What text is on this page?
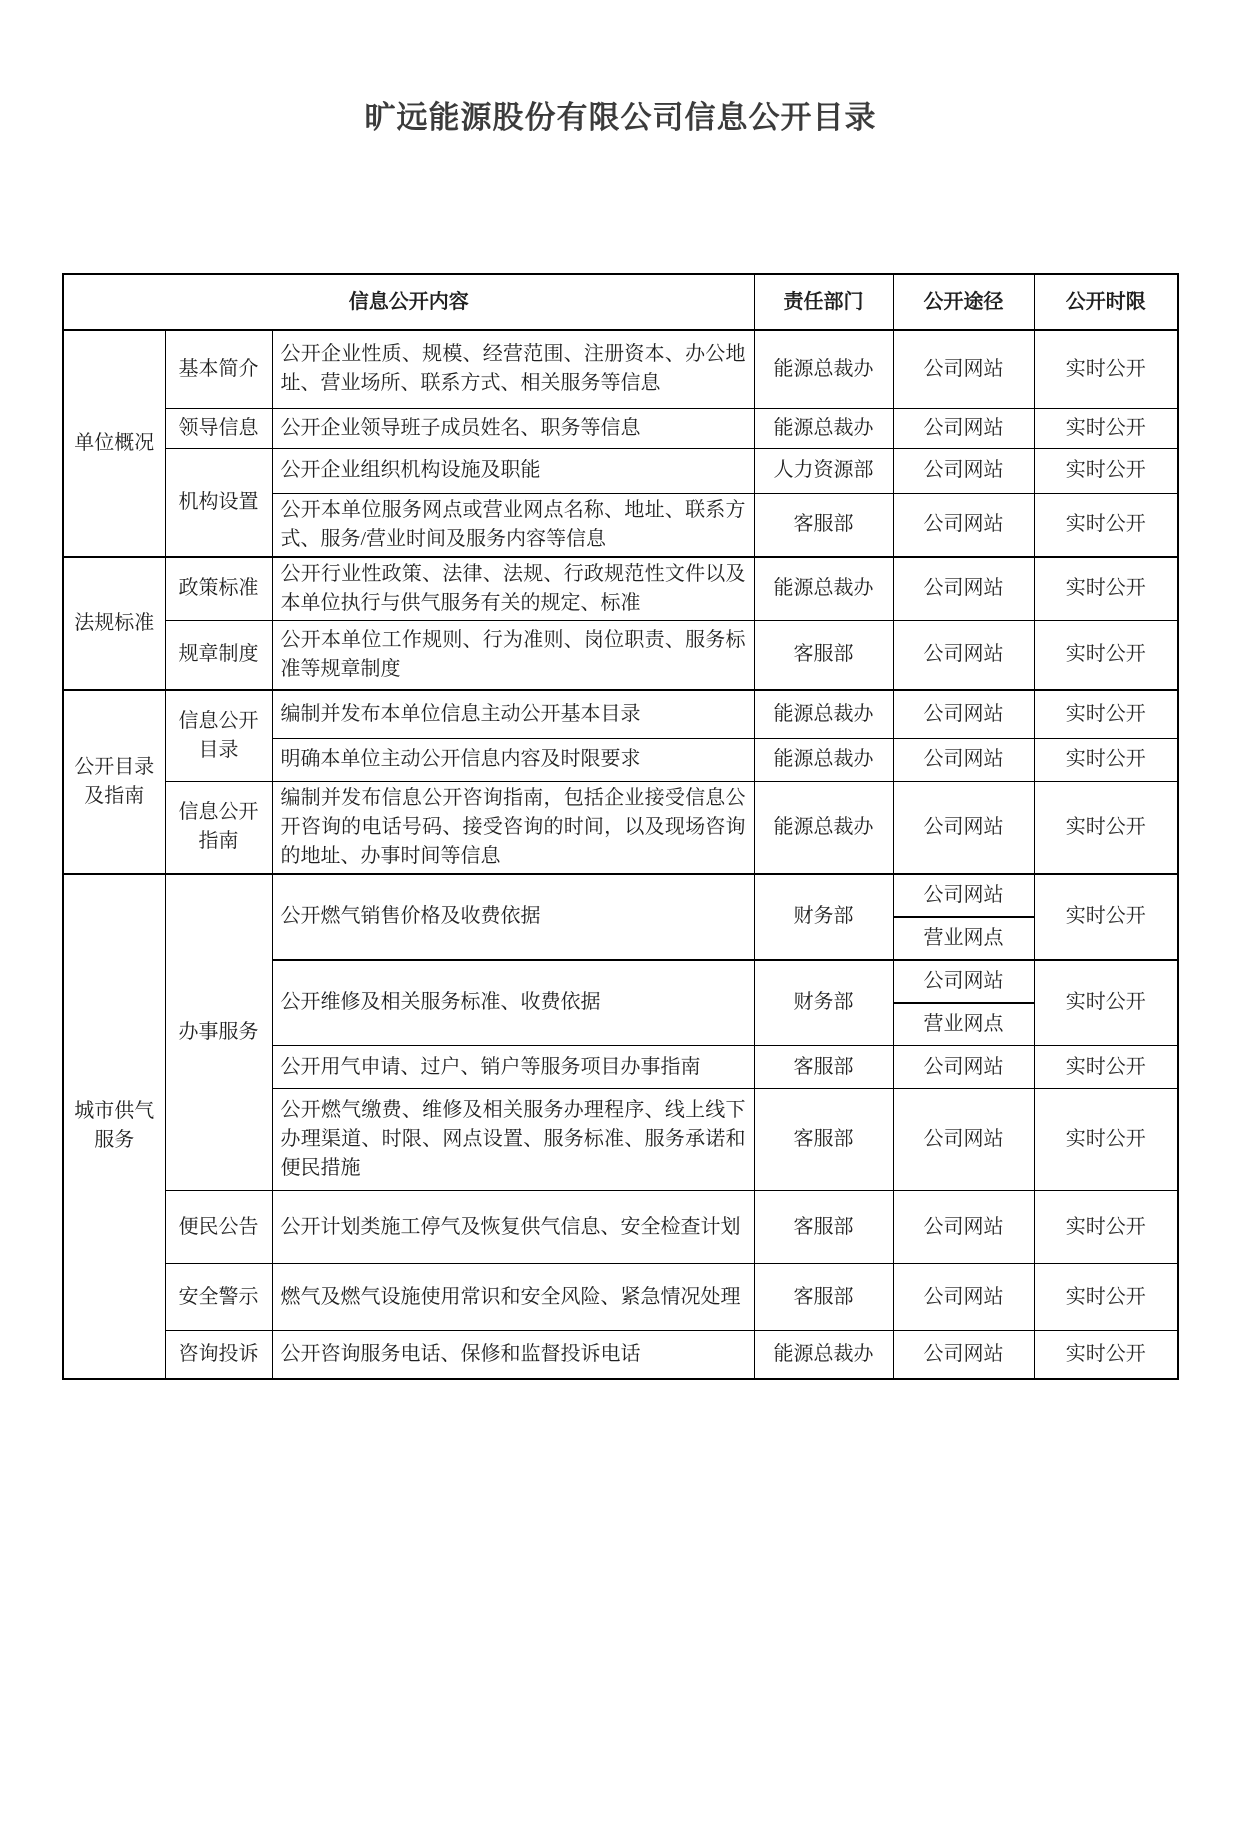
旷远能源股份有限公司信息公开目录
信息公开内容			责任部门	公开途径	公开时限
单位概况	基本简介	公开企业性质、规模、经营范围、注册资本、办公地址、营业场所、联系方式、相关服务等信息	能源总裁办	公司网站	实时公开
	领导信息	公开企业领导班子成员姓名、职务等信息	能源总裁办	公司网站	实时公开
	机构设置	公开企业组织机构设施及职能	人力资源部	公司网站	实时公开
		公开本单位服务网点或营业网点名称、地址、联系方式、服务/营业时间及服务内容等信息	客服部	公司网站	实时公开
法规标准	政策标准	公开行业性政策、法律、法规、行政规范性文件以及本单位执行与供气服务有关的规定、标准	能源总裁办	公司网站	实时公开
	规章制度	公开本单位工作规则、行为准则、岗位职责、服务标准等规章制度	客服部	公司网站	实时公开
公开目录及指南	信息公开目录	编制并发布本单位信息主动公开基本目录	能源总裁办	公司网站	实时公开
		明确本单位主动公开信息内容及时限要求	能源总裁办	公司网站	实时公开
	信息公开指南	编制并发布信息公开咨询指南，包括企业接受信息公开咨询的电话号码、接受咨询的时间，以及现场咨询的地址、办事时间等信息	能源总裁办	公司网站	实时公开
城市供气服务	办事服务	公开燃气销售价格及收费依据	财务部	公司网站	实时公开
				营业网点	
		公开维修及相关服务标准、收费依据	财务部	公司网站	实时公开
				营业网点	
		公开用气申请、过户、销户等服务项目办事指南	客服部	公司网站	实时公开
		公开燃气缴费、维修及相关服务办理程序、线上线下办理渠道、时限、网点设置、服务标准、服务承诺和便民措施	客服部	公司网站	实时公开
	便民公告	公开计划类施工停气及恢复供气信息、安全检查计划	客服部	公司网站	实时公开
	安全警示	燃气及燃气设施使用常识和安全风险、紧急情况处理	客服部	公司网站	实时公开
	咨询投诉	公开咨询服务电话、保修和监督投诉电话	能源总裁办	公司网站	实时公开
